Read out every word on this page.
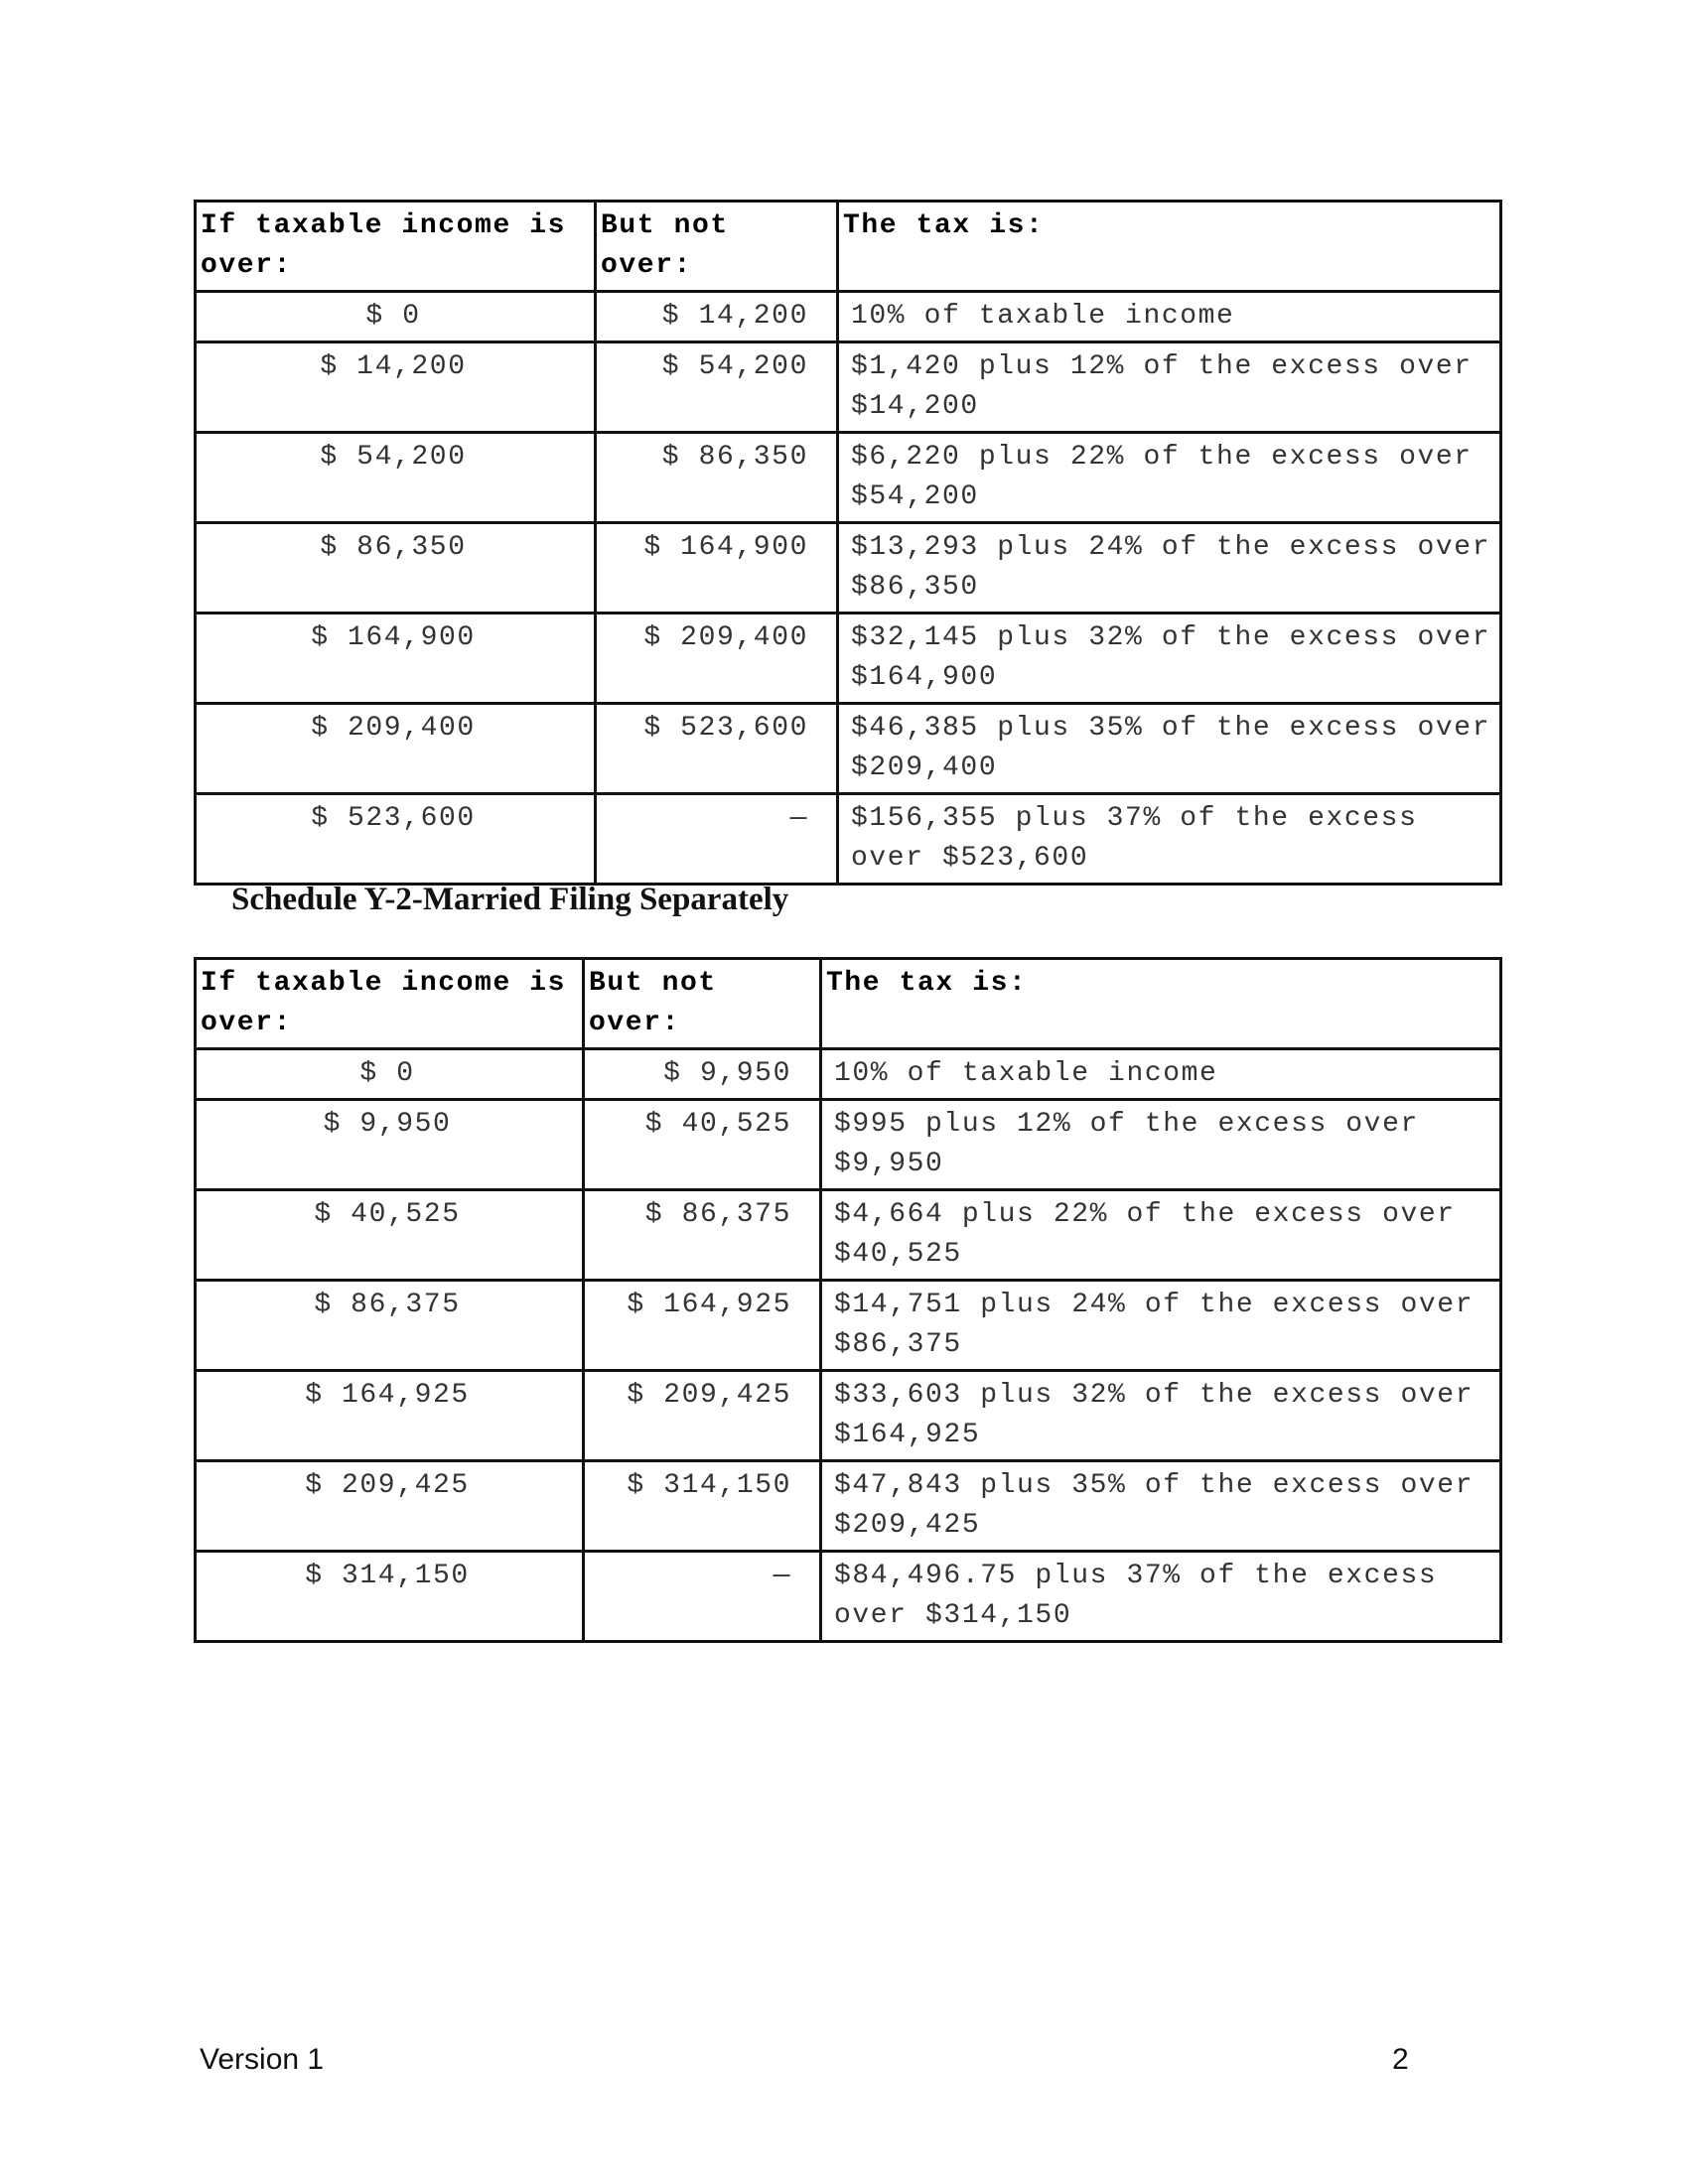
If taxable income is over:	But not over:	The tax is:
$ 0	$ 14,200	10% of taxable income
$ 14,200	$ 54,200	$1,420 plus 12% of the excess over $14,200
$ 54,200	$ 86,350	$6,220 plus 22% of the excess over $54,200
$ 86,350	$ 164,900	$13,293 plus 24% of the excess over $86,350
$ 164,900	$ 209,400	$32,145 plus 32% of the excess over $164,900
$ 209,400	$ 523,600	$46,385 plus 35% of the excess over $209,400
$ 523,600	—	$156,355 plus 37% of the excess over $523,600
Schedule Y-2-Married Filing Separately
If taxable income is over:	But not over:	The tax is:
$ 0	$ 9,950	10% of taxable income
$ 9,950	$ 40,525	$995 plus 12% of the excess over $9,950
$ 40,525	$ 86,375	$4,664 plus 22% of the excess over $40,525
$ 86,375	$ 164,925	$14,751 plus 24% of the excess over $86,375
$ 164,925	$ 209,425	$33,603 plus 32% of the excess over $164,925
$ 209,425	$ 314,150	$47,843 plus 35% of the excess over $209,425
$ 314,150	—	$84,496.75 plus 37% of the excess over $314,150
Version 1	2
